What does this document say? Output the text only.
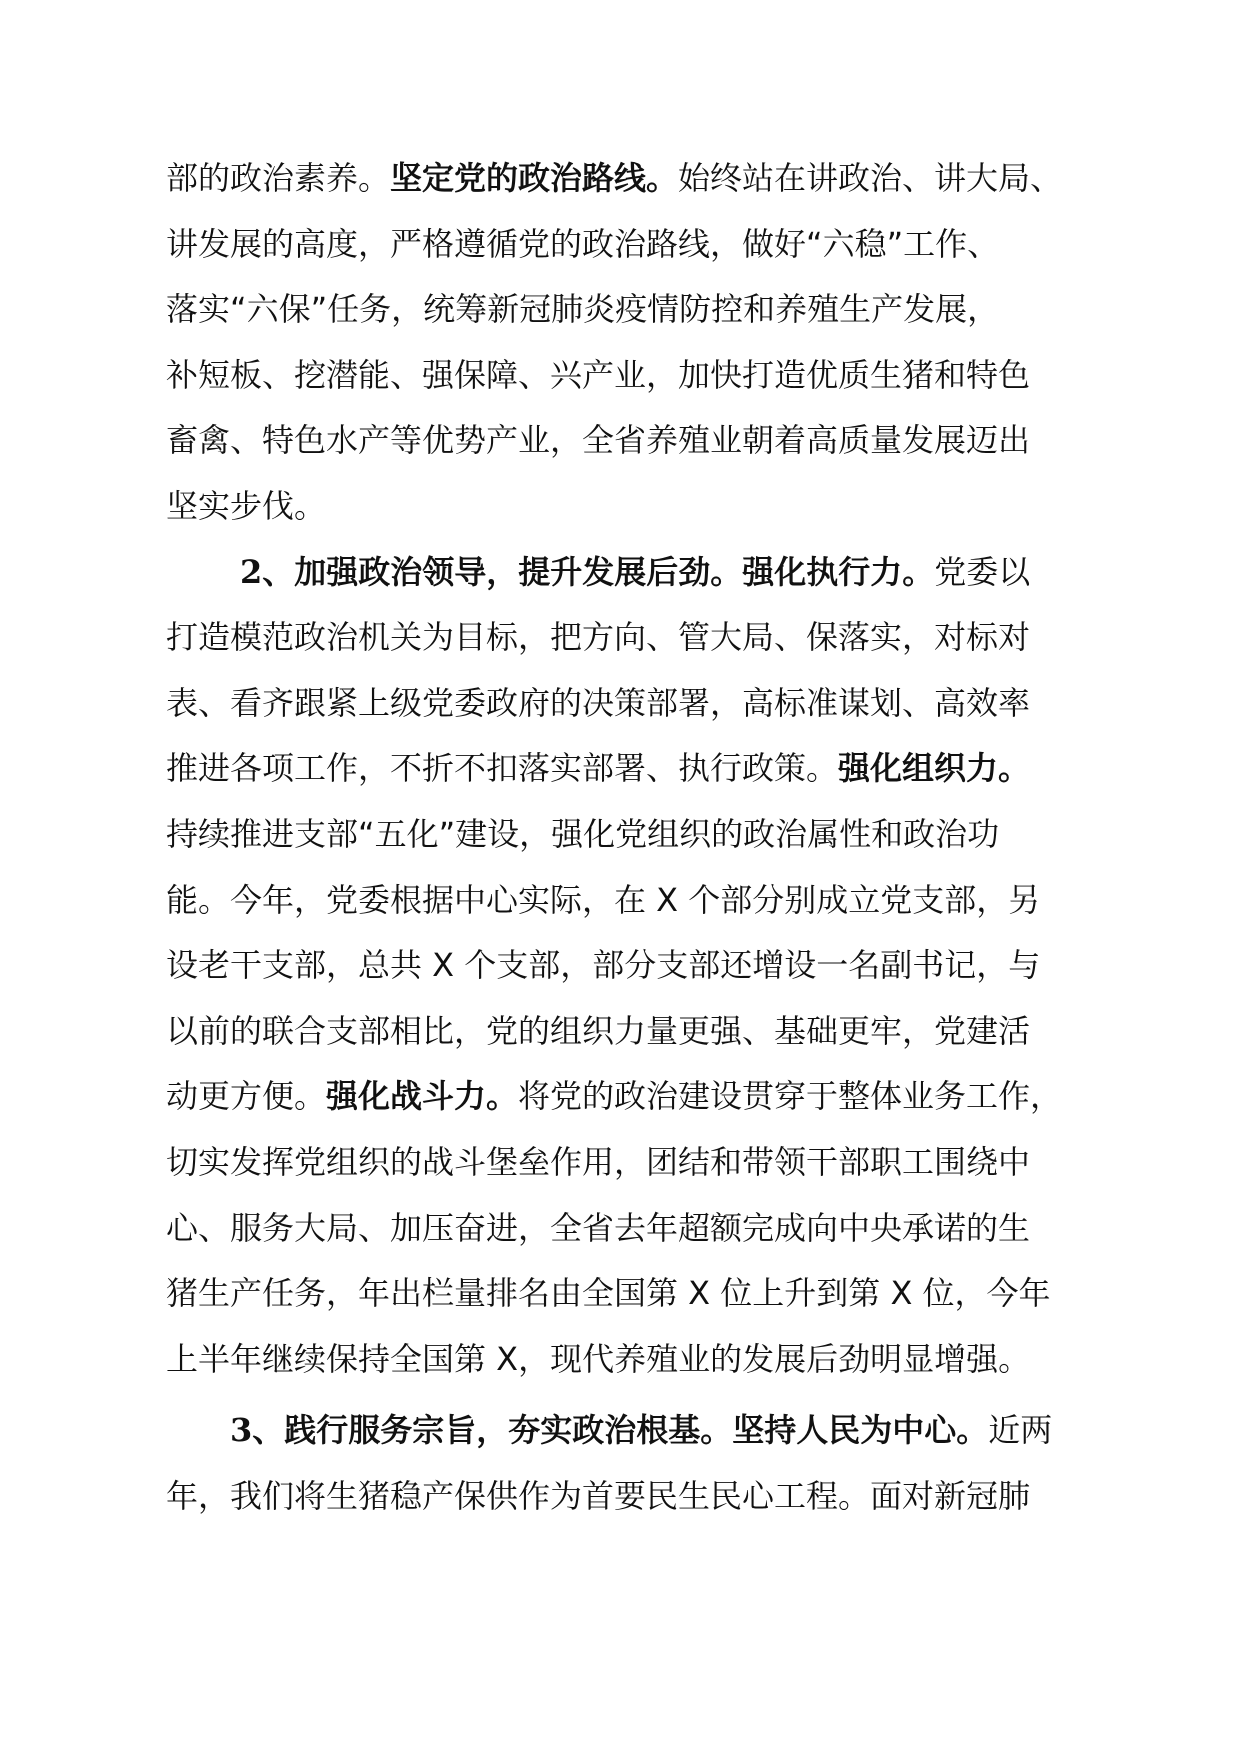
部的政治素养。坚定党的政治路线。始终站在讲政治、讲大局、
讲发展的高度，严格遵循党的政治路线，做好“六稳”工作、
落实“六保”任务，统筹新冠肺炎疫情防控和养殖生产发展，
补短板、挖潜能、强保障、兴产业，加快打造优质生猪和特色
畜禽、特色水产等优势产业，全省养殖业朝着高质量发展迈出
坚实步伐。
2、加强政治领导，提升发展后劲。强化执行力。党委以
打造模范政治机关为目标，把方向、管大局、保落实，对标对
表、看齐跟紧上级党委政府的决策部署，高标准谋划、高效率
推进各项工作，不折不扣落实部署、执行政策。强化组织力。
持续推进支部“五化”建设，强化党组织的政治属性和政治功
能。今年，党委根据中心实际，在 X 个部分别成立党支部，另
设老干支部，总共 X 个支部，部分支部还增设一名副书记，与
以前的联合支部相比，党的组织力量更强、基础更牢，党建活
动更方便。强化战斗力。将党的政治建设贯穿于整体业务工作，
切实发挥党组织的战斗堡垒作用，团结和带领干部职工围绕中
心、服务大局、加压奋进，全省去年超额完成向中央承诺的生
猪生产任务，年出栏量排名由全国第 X 位上升到第 X 位，今年
上半年继续保持全国第 X，现代养殖业的发展后劲明显增强。
3、践行服务宗旨，夯实政治根基。坚持人民为中心。近两
年，我们将生猪稳产保供作为首要民生民心工程。面对新冠肺
